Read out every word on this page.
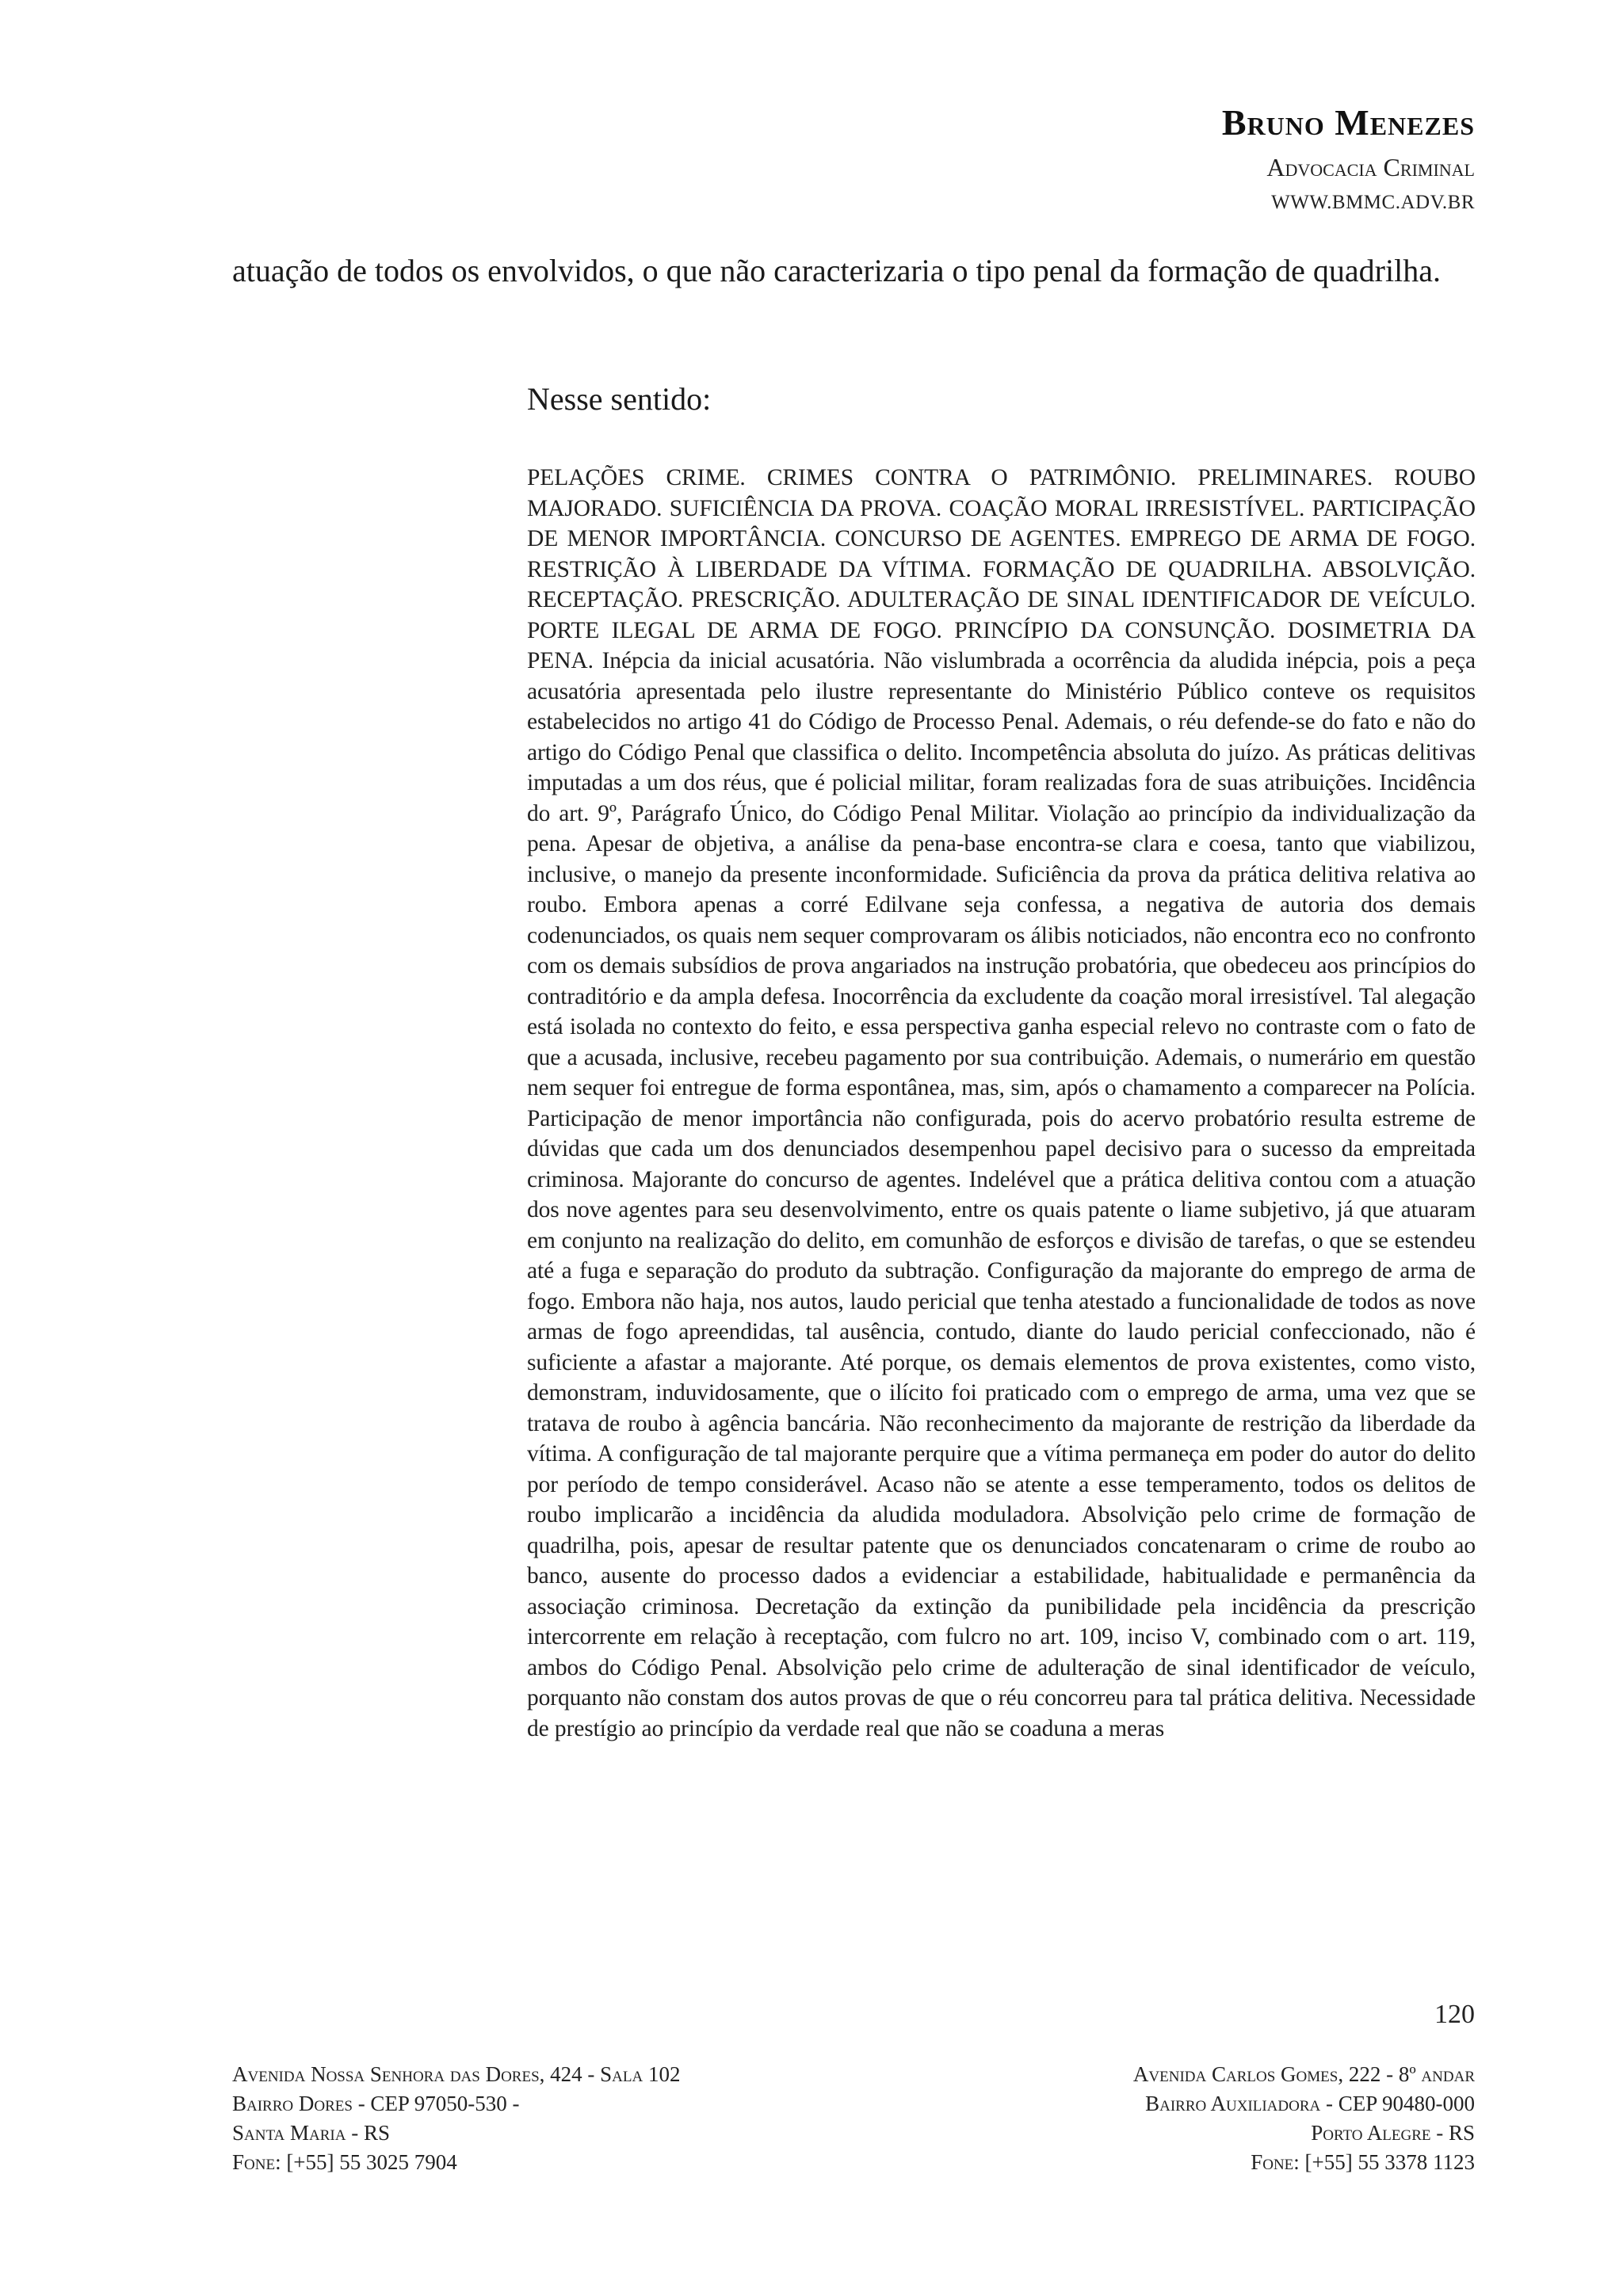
Bruno Menezes
Advocacia Criminal
WWW.BMMC.ADV.BR

atuação de todos os envolvidos, o que não caracterizaria o tipo penal da formação de quadrilha.

Nesse sentido:

PELAÇÕES CRIME. CRIMES CONTRA O PATRIMÔNIO. PRELIMINARES. ROUBO MAJORADO. SUFICIÊNCIA DA PROVA. COAÇÃO MORAL IRRESISTÍVEL. PARTICIPAÇÃO DE MENOR IMPORTÂNCIA. CONCURSO DE AGENTES. EMPREGO DE ARMA DE FOGO. RESTRIÇÃO À LIBERDADE DA VÍTIMA. FORMAÇÃO DE QUADRILHA. ABSOLVIÇÃO. RECEPTAÇÃO. PRESCRIÇÃO. ADULTERAÇÃO DE SINAL IDENTIFICADOR DE VEÍCULO. PORTE ILEGAL DE ARMA DE FOGO. PRINCÍPIO DA CONSUNÇÃO. DOSIMETRIA DA PENA. Inépcia da inicial acusatória. Não vislumbrada a ocorrência da aludida inépcia, pois a peça acusatória apresentada pelo ilustre representante do Ministério Público conteve os requisitos estabelecidos no artigo 41 do Código de Processo Penal. Ademais, o réu defende-se do fato e não do artigo do Código Penal que classifica o delito. Incompetência absoluta do juízo. As práticas delitivas imputadas a um dos réus, que é policial militar, foram realizadas fora de suas atribuições. Incidência do art. 9º, Parágrafo Único, do Código Penal Militar. Violação ao princípio da individualização da pena. Apesar de objetiva, a análise da pena-base encontra-se clara e coesa, tanto que viabilizou, inclusive, o manejo da presente inconformidade. Suficiência da prova da prática delitiva relativa ao roubo. Embora apenas a corré Edilvane seja confessa, a negativa de autoria dos demais codenunciados, os quais nem sequer comprovaram os álibis noticiados, não encontra eco no confronto com os demais subsídios de prova angariados na instrução probatória, que obedeceu aos princípios do contraditório e da ampla defesa. Inocorrência da excludente da coação moral irresistível. Tal alegação está isolada no contexto do feito, e essa perspectiva ganha especial relevo no contraste com o fato de que a acusada, inclusive, recebeu pagamento por sua contribuição. Ademais, o numerário em questão nem sequer foi entregue de forma espontânea, mas, sim, após o chamamento a comparecer na Polícia. Participação de menor importância não configurada, pois do acervo probatório resulta estreme de dúvidas que cada um dos denunciados desempenhou papel decisivo para o sucesso da empreitada criminosa. Majorante do concurso de agentes. Indelével que a prática delitiva contou com a atuação dos nove agentes para seu desenvolvimento, entre os quais patente o liame subjetivo, já que atuaram em conjunto na realização do delito, em comunhão de esforços e divisão de tarefas, o que se estendeu até a fuga e separação do produto da subtração. Configuração da majorante do emprego de arma de fogo. Embora não haja, nos autos, laudo pericial que tenha atestado a funcionalidade de todos as nove armas de fogo apreendidas, tal ausência, contudo, diante do laudo pericial confeccionado, não é suficiente a afastar a majorante. Até porque, os demais elementos de prova existentes, como visto, demonstram, induvidosamente, que o ilícito foi praticado com o emprego de arma, uma vez que se tratava de roubo à agência bancária. Não reconhecimento da majorante de restrição da liberdade da vítima. A configuração de tal majorante perquire que a vítima permaneça em poder do autor do delito por período de tempo considerável. Acaso não se atente a esse temperamento, todos os delitos de roubo implicarão a incidência da aludida moduladora. Absolvição pelo crime de formação de quadrilha, pois, apesar de resultar patente que os denunciados concatenaram o crime de roubo ao banco, ausente do processo dados a evidenciar a estabilidade, habitualidade e permanência da associação criminosa. Decretação da extinção da punibilidade pela incidência da prescrição intercorrente em relação à receptação, com fulcro no art. 109, inciso V, combinado com o art. 119, ambos do Código Penal. Absolvição pelo crime de adulteração de sinal identificador de veículo, porquanto não constam dos autos provas de que o réu concorreu para tal prática delitiva. Necessidade de prestígio ao princípio da verdade real que não se coaduna a meras

120
Avenida Nossa Senhora das Dores, 424 - Sala 102
Bairro Dores - CEP 97050-530 -
Santa Maria - RS
Fone: [+55] 55 3025 7904
Avenida Carlos Gomes, 222 - 8º andar
Bairro Auxiliadora - CEP 90480-000
Porto Alegre - RS
Fone: [+55] 55 3378 1123
